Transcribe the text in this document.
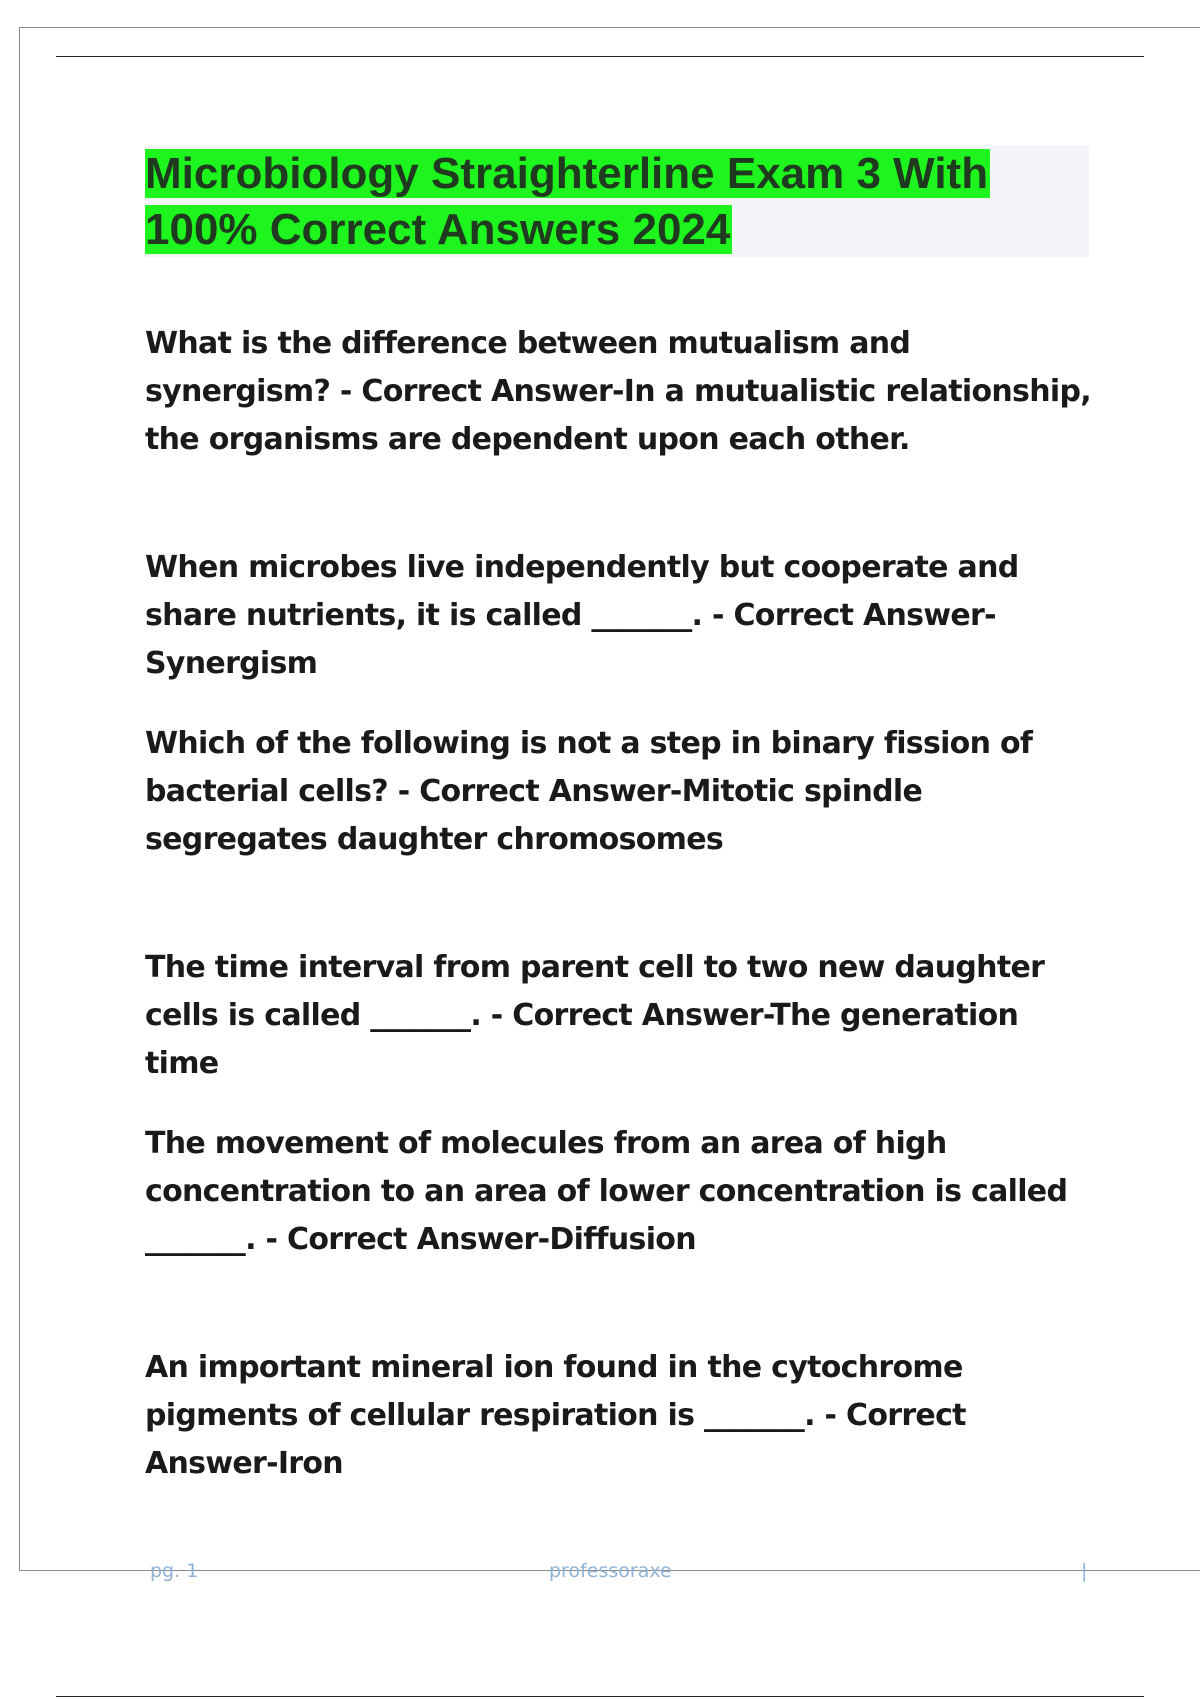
Microbiology Straighterline Exam 3 With
100% Correct Answers 2024

What is the difference between mutualism and synergism? - Correct Answer-In a mutualistic relationship, the organisms are dependent upon each other.

When microbes live independently but cooperate and share nutrients, it is called _______. - Correct Answer-Synergism

Which of the following is not a step in binary fission of bacterial cells? - Correct Answer-Mitotic spindle segregates daughter chromosomes

The time interval from parent cell to two new daughter cells is called _______. - Correct Answer-The generation time

The movement of molecules from an area of high concentration to an area of lower concentration is called _______. - Correct Answer-Diffusion

An important mineral ion found in the cytochrome pigments of cellular respiration is _______. - Correct Answer-Iron

pg. 1	professoraxe	|
